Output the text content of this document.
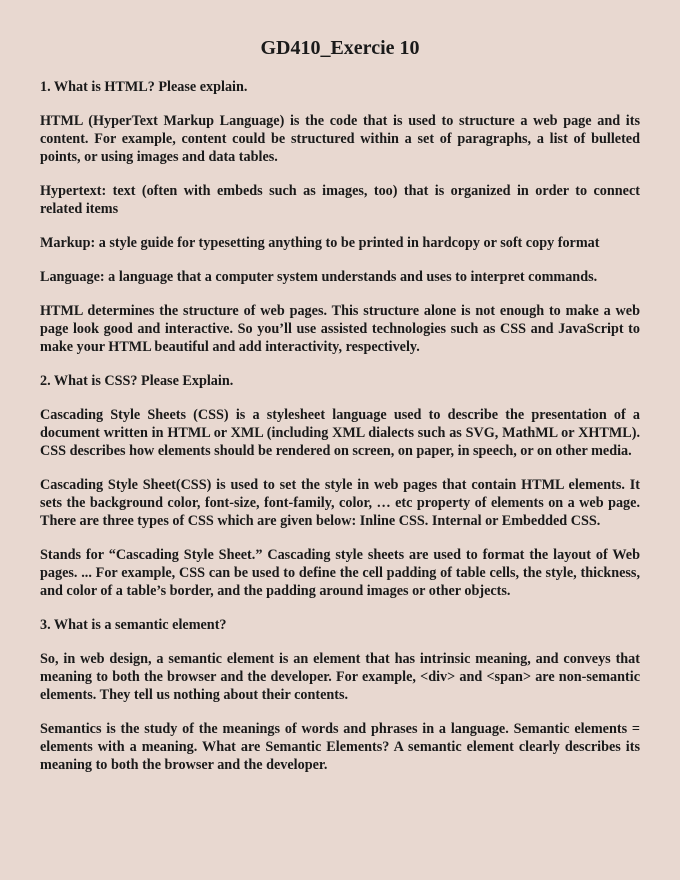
GD410_Exercie 10
1. What is HTML? Please explain.
HTML (HyperText Markup Language) is the code that is used to structure a web page and its content. For example, content could be structured within a set of paragraphs, a list of bulleted points, or using images and data tables.
Hypertext: text (often with embeds such as images, too) that is organized in order to connect related items
Markup: a style guide for typesetting anything to be printed in hardcopy or soft copy format
Language: a language that a computer system understands and uses to interpret commands.
HTML determines the structure of web pages. This structure alone is not enough to make a web page look good and interactive. So you’ll use assisted technologies such as CSS and JavaScript to make your HTML beautiful and add interactivity, respectively.
2. What is CSS? Please Explain.
Cascading Style Sheets (CSS) is a stylesheet language used to describe the presentation of a document written in HTML or XML (including XML dialects such as SVG, MathML or XHTML). CSS describes how elements should be rendered on screen, on paper, in speech, or on other media.
Cascading Style Sheet(CSS) is used to set the style in web pages that contain HTML elements. It sets the background color, font-size, font-family, color, … etc property of elements on a web page. There are three types of CSS which are given below: Inline CSS. Internal or Embedded CSS.
Stands for “Cascading Style Sheet.” Cascading style sheets are used to format the layout of Web pages. ... For example, CSS can be used to define the cell padding of table cells, the style, thickness, and color of a table’s border, and the padding around images or other objects.
3. What is a semantic element?
So, in web design, a semantic element is an element that has intrinsic meaning, and conveys that meaning to both the browser and the developer. For example, <div> and <span> are non-semantic elements. They tell us nothing about their contents.
Semantics is the study of the meanings of words and phrases in a language. Semantic elements = elements with a meaning. What are Semantic Elements? A semantic element clearly describes its meaning to both the browser and the developer.
